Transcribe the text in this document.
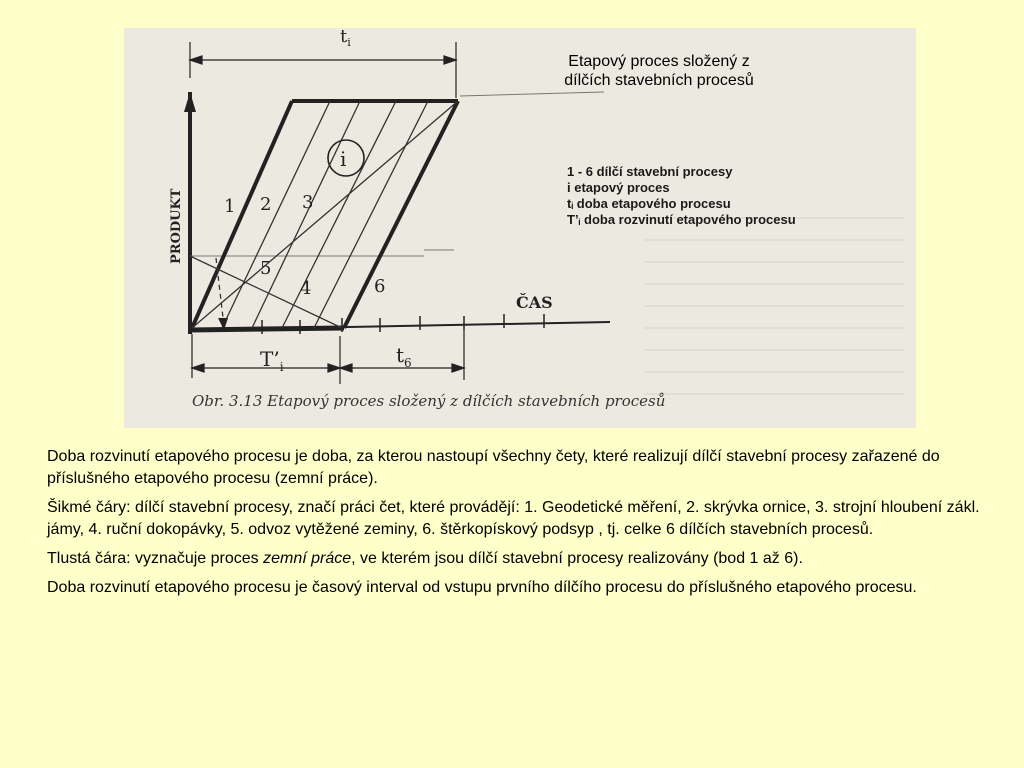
$t_i$
PRODUKT
ČAS
i
1 2 3
4
5
6
$T’_i$	$t_6$
Obr. 3.13 Etapový proces složený z dílčích stavebních procesů
Etapový proces složený z
dílčích stavebních procesů
1 - 6 dílčí stavební procesy
i etapový proces
tᵢ doba etapového procesu
T’ᵢ doba rozvinutí etapového procesu

Doba rozvinutí etapového procesu je doba, za kterou nastoupí všechny čety, které realizují dílčí stavební procesy zařazené do příslušného etapového procesu (zemní práce).

Šikmé čáry: dílčí stavební procesy, značí práci čet, které provádějí: 1. Geodetické měření, 2. skrývka ornice, 3. strojní hloubení zákl. jámy, 4. ruční dokopávky, 5. odvoz vytěžené zeminy, 6. štěrkopískový podsyp , tj. celke 6 dílčích stavebních procesů.

Tlustá čára: vyznačuje proces zemní práce, ve kterém jsou dílčí stavební procesy realizovány (bod 1 až 6).

Doba rozvinutí etapového procesu je časový interval od vstupu prvního dílčího procesu do příslušného etapového procesu.
